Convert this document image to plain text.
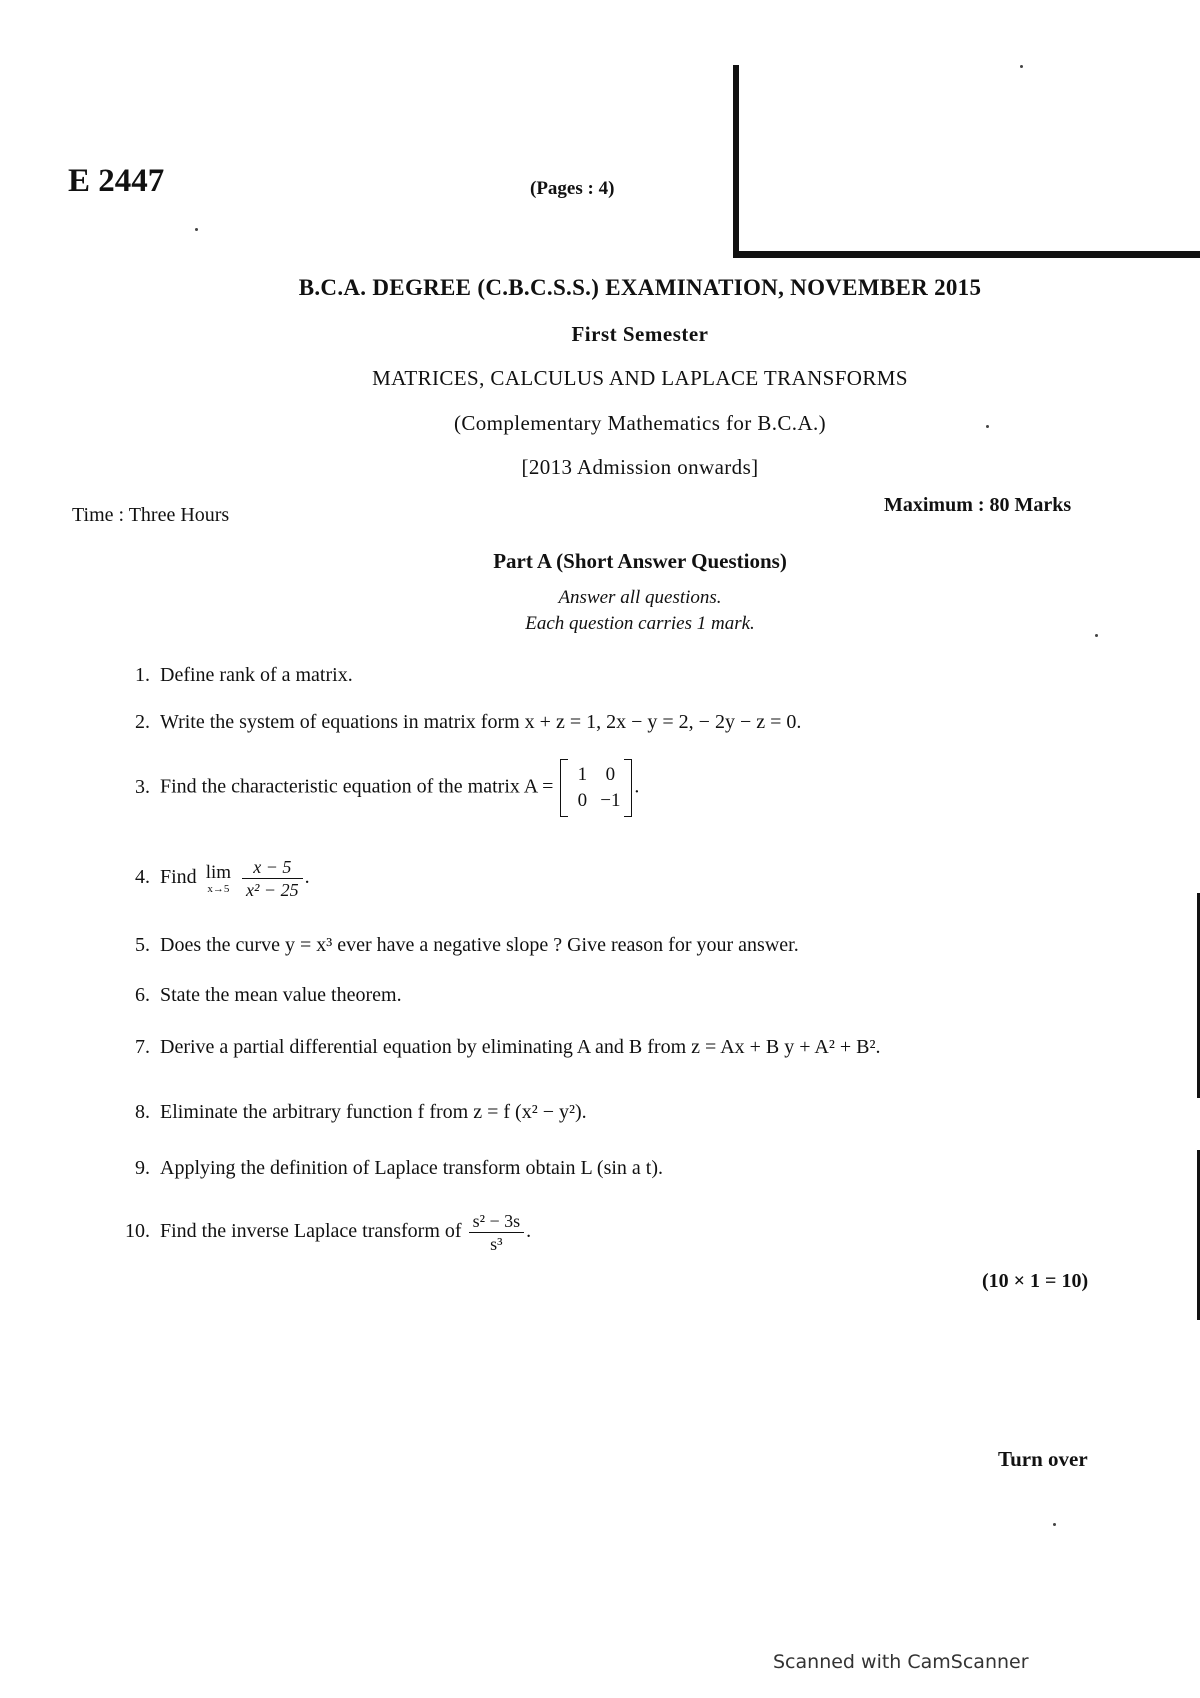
E 2447	(Pages : 4)
B.C.A. DEGREE (C.B.C.S.S.) EXAMINATION, NOVEMBER 2015
First Semester
MATRICES, CALCULUS AND LAPLACE TRANSFORMS
(Complementary Mathematics for B.C.A.)
[2013 Admission onwards]
Time : Three Hours	Maximum : 80 Marks
Part A (Short Answer Questions)
Answer all questions.
Each question carries 1 mark.
1. Define rank of a matrix.
2. Write the system of equations in matrix form x + z = 1, 2x − y = 2, − 2y − z = 0.
3. Find the characteristic equation of the matrix A =
1 0
0 −1
.
4. Find lim
x→5
$\frac{x - 5}{\text{x² − 25}}$ .
5. Does the curve y = x³ ever have a negative slope ? Give reason for your answer.
6. State the mean value theorem.
7. Derive a partial differential equation by eliminating A and B from z = Ax + B y + A² + B².
8. Eliminate the arbitrary function f from z = f (x² − y²).
9. Applying the definition of Laplace transform obtain L (sin a t).
10. Find the inverse Laplace transform of $\frac{\text{s² − 3s}}{\text{s³}}$ .
(10 × 1 = 10)
Turn over
Scanned with CamScanner
